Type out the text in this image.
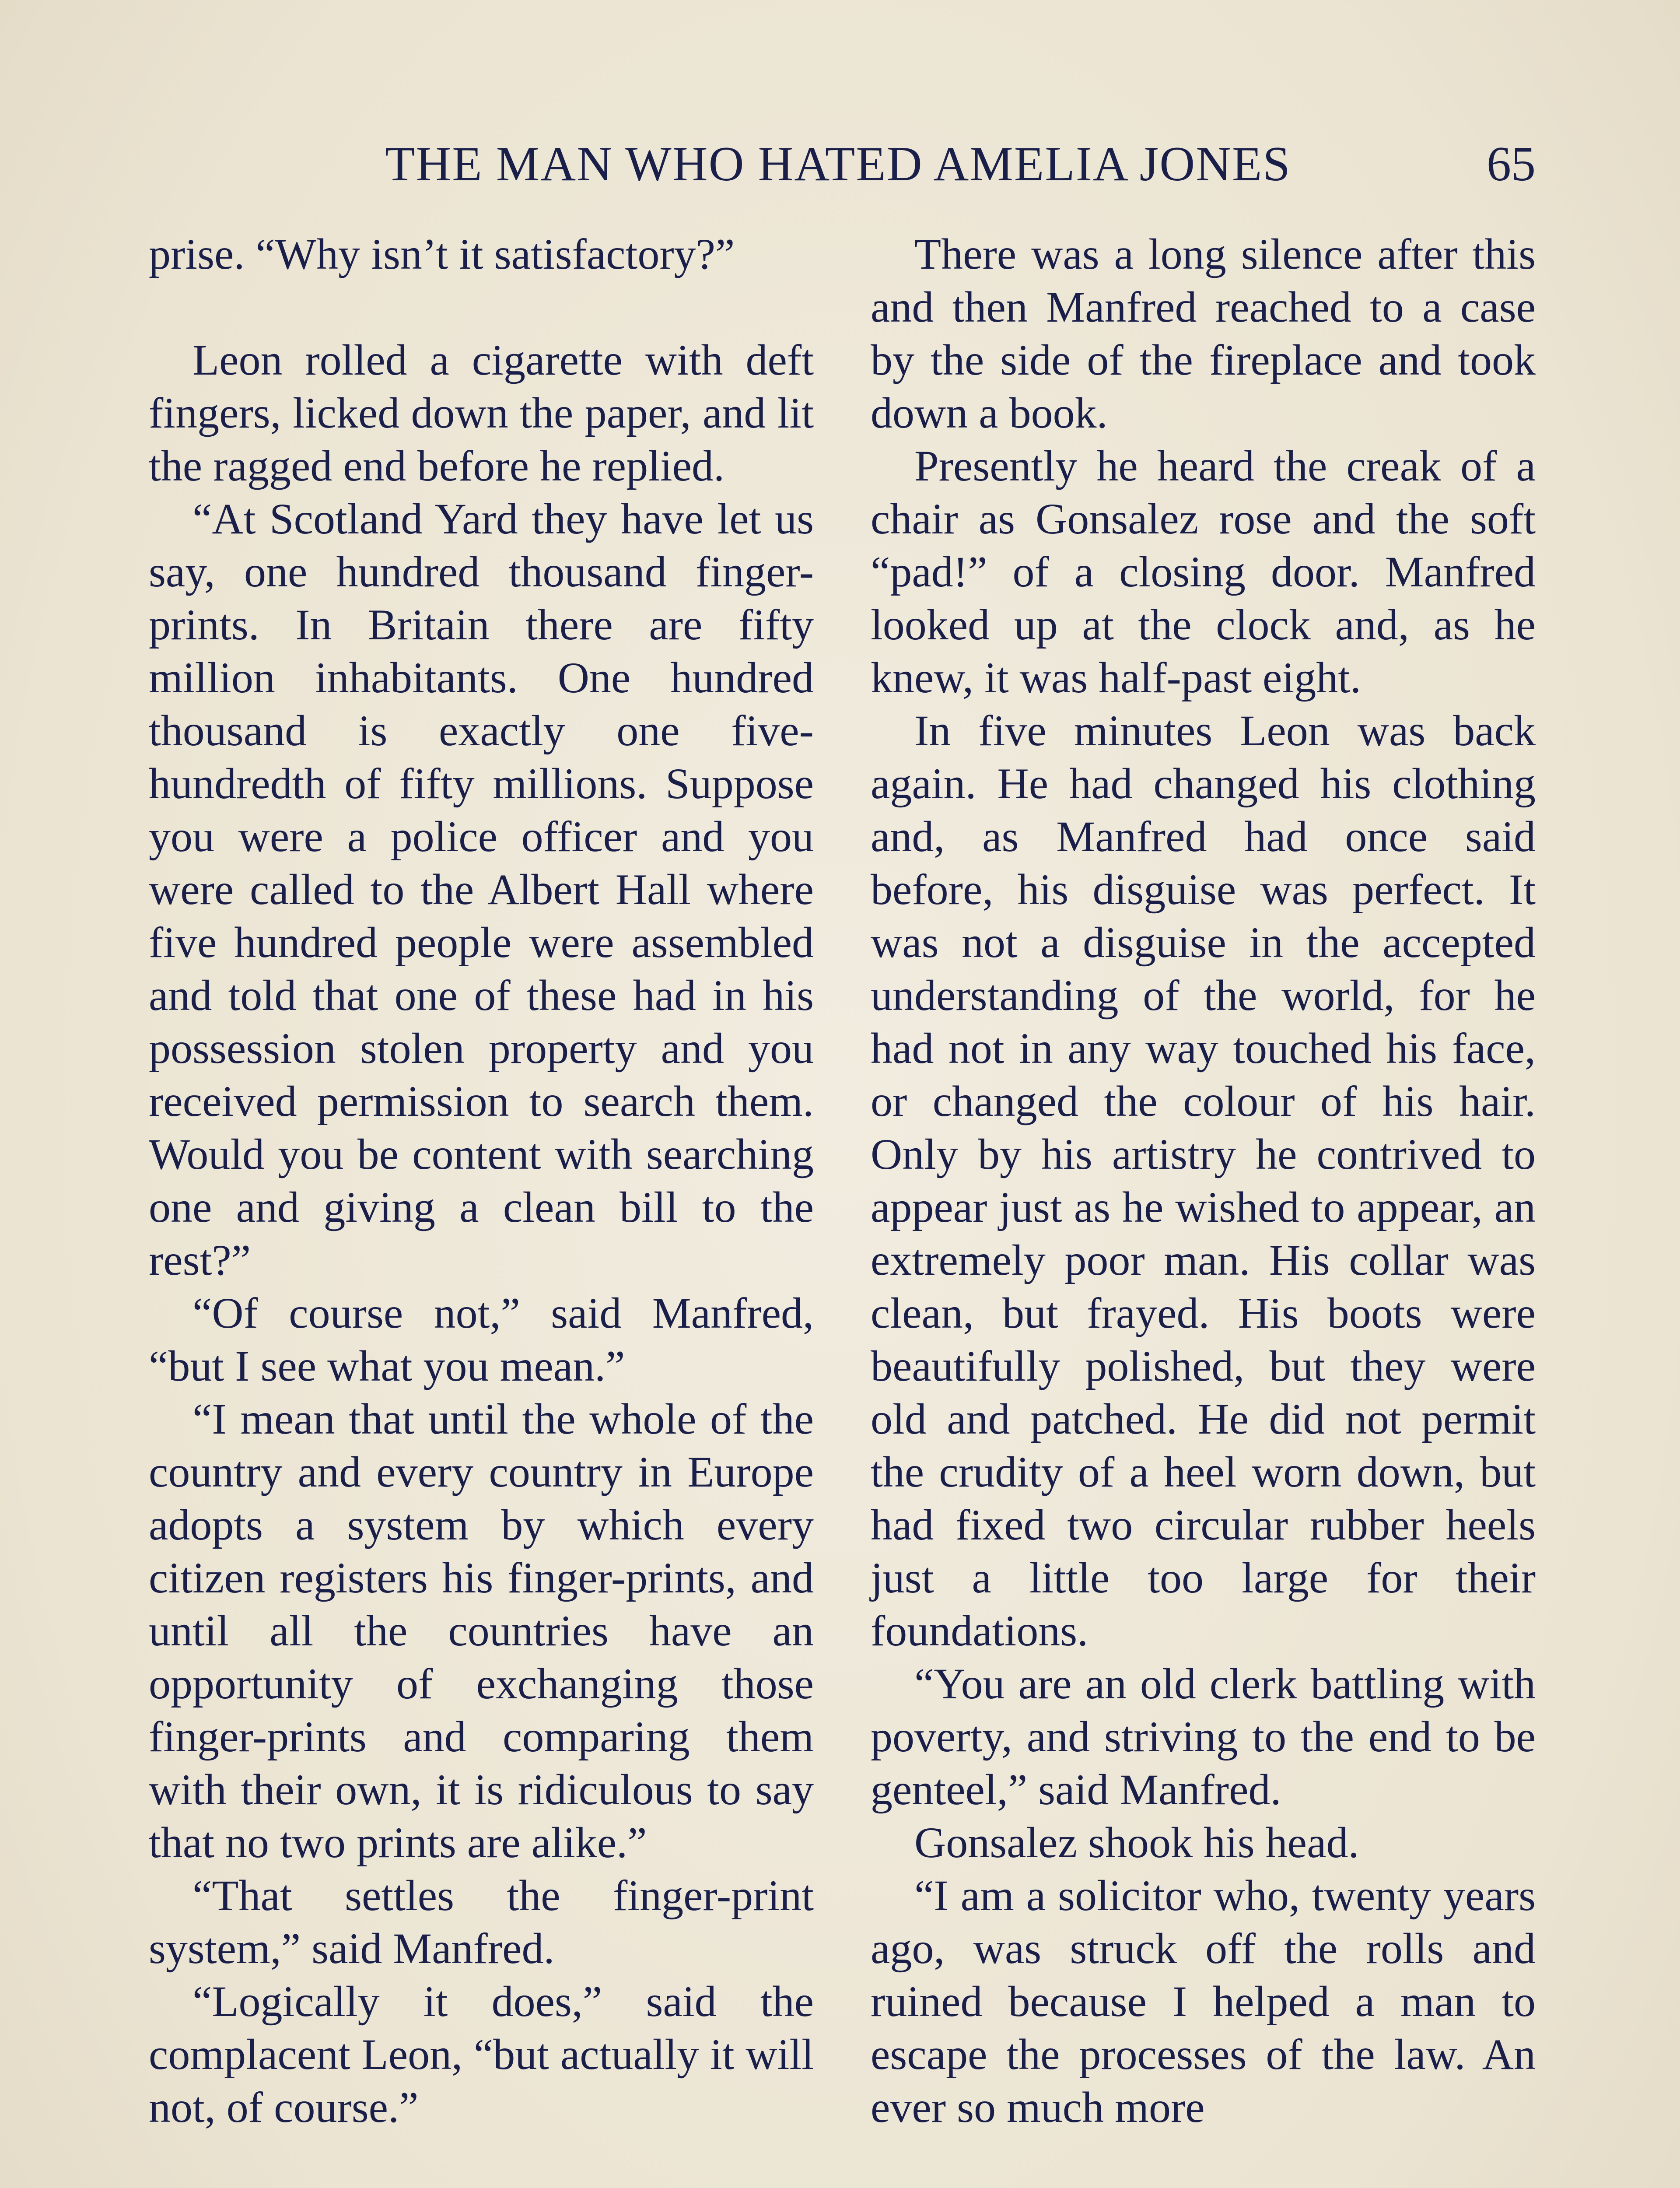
THE MAN WHO HATED AMELIA JONES	65

prise. “Why isn’t it satisfactory?”

Leon rolled a cigarette with deft fingers, licked down the paper, and lit the ragged end before he replied.

“At Scotland Yard they have let us say, one hundred thousand finger-prints. In Britain there are fifty million inhabitants. One hundred thousand is exactly one five-hundredth of fifty millions. Suppose you were a police officer and you were called to the Albert Hall where five hundred people were assembled and told that one of these had in his possession stolen property and you received permission to search them. Would you be content with searching one and giving a clean bill to the rest?”

“Of course not,” said Manfred, “but I see what you mean.”

“I mean that until the whole of the country and every country in Europe adopts a system by which every citizen registers his finger-prints, and until all the countries have an opportunity of exchanging those finger-prints and comparing them with their own, it is ridiculous to say that no two prints are alike.”

“That settles the finger-print system,” said Manfred.

“Logically it does,” said the complacent Leon, “but actually it will not, of course.”

There was a long silence after this and then Manfred reached to a case by the side of the fireplace and took down a book.

Presently he heard the creak of a chair as Gonsalez rose and the soft “pad!” of a closing door. Manfred looked up at the clock and, as he knew, it was half-past eight.

In five minutes Leon was back again. He had changed his clothing and, as Manfred had once said before, his disguise was perfect. It was not a disguise in the accepted understanding of the world, for he had not in any way touched his face, or changed the colour of his hair. Only by his artistry he contrived to appear just as he wished to appear, an extremely poor man. His collar was clean, but frayed. His boots were beautifully polished, but they were old and patched. He did not permit the crudity of a heel worn down, but had fixed two circular rubber heels just a little too large for their foundations.

“You are an old clerk battling with poverty, and striving to the end to be genteel,” said Manfred.

Gonsalez shook his head.

“I am a solicitor who, twenty years ago, was struck off the rolls and ruined because I helped a man to escape the processes of the law. An ever so much more
